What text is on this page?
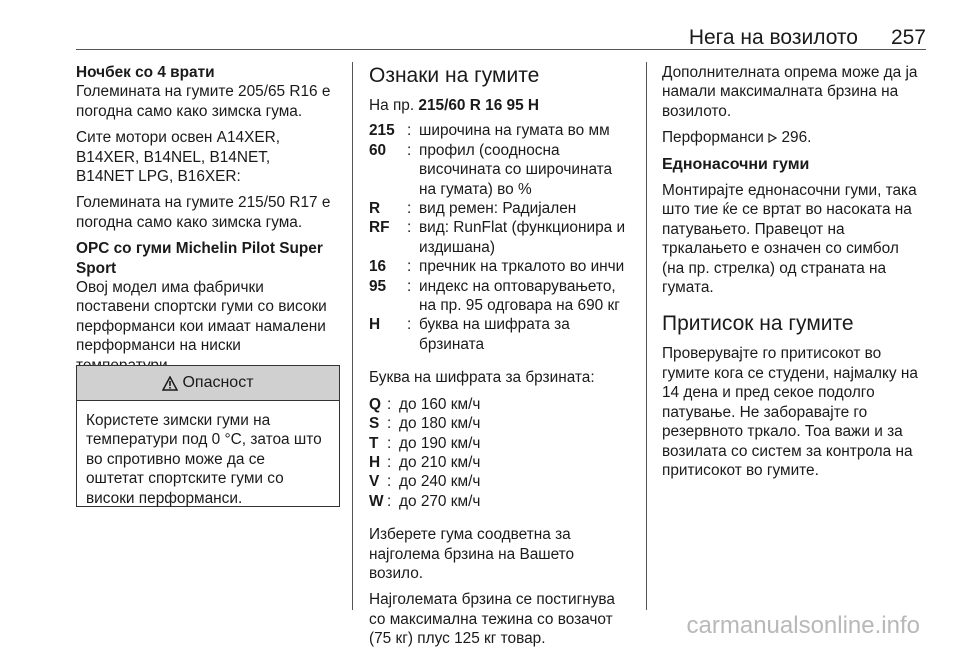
Нега на возилото 257

Ночбек со 4 врати

Големината на гумите 205/65 R16 е
погодна само како зимска гума.

Сите мотори освен A14XER,
B14XER, B14NEL, B14NET,
B14NET LPG, B16XER:

Големината на гумите 215/50 R17 е
погодна само како зимска гума.

OPC со гуми Michelin Pilot Super
Sport

Овој модел има фабрички
поставени спортски гуми со високи
перформанси кои имаат намалени
перформанси на ниски

Опасност
Користете зимски гуми на
температури под 0 °C, затоа што
во спротивно може да се
оштетат спортските гуми со
високи перформанси.

Ознаки на гумите

На пр. 215/60 R 16 95 H

215 : широчина на гумата во мм
60	: профил (соодносна
височината со широчината
на гумата) во %
R	: вид ремен: Радијален
RF	: вид: RunFlat (функционира и
издишана)
16	: пречник на тркалото во инчи
95	: индекс на оптоварувањето,
на пр. 95 одговара на 690 кг
H	: буква на шифрата за
брзината

Буква на шифрата за брзината:

Q : до 160 км/ч
S : до 180 км/ч
T : до 190 км/ч
H : до 210 км/ч
V : до 240 км/ч
W : до 270 км/ч

Изберете гума соодветна за
најголема брзина на Вашето
возило.

Најголемата брзина се постигнува
со максимална тежина со возачот
(75 кг) плус 125 кг товар.

Дополнителната опрема може да ја
намали максималната брзина на
возилото.

Перформанси  296.

Еднонасочни гуми

Монтирајте еднонасочни гуми, така
што тие ќе се вртат во насоката на
патувањето. Правецот на
тркалањето е означен со симбол
(на пр. стрелка) од страната на
гумата.

Притисок на гумите

Проверувајте го притисокот во
гумите кога се студени, најмалку на
14 дена и пред секое подолго
патување. Не заборавајте го
резервното тркало. Тоа важи и за
возилата со систем за контрола на
притисокот во гумите.

carmanualsonline.info
